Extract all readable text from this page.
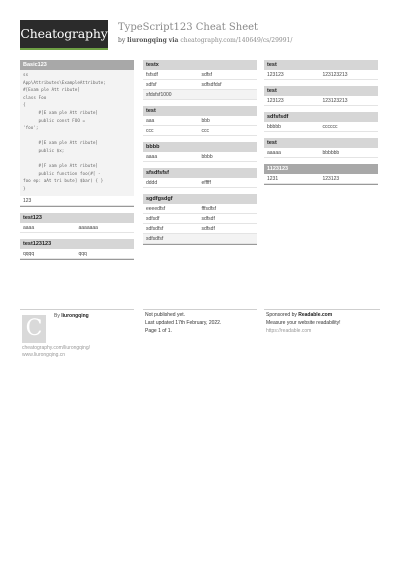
Cheatography TypeScript123 Cheat Sheet
by liurongqing via cheatography.com/140649/cs/29991/
Basic123
ss
App\Attributes\ExampleAttribute;
#[Exam ple Att ribute]
class Foo
{
#[E xam ple Att ribute]
public const FOO =
'foo';

#[E xam ple Att ribute]
public $x;

#[F xam ple Att ribute]
public function foo(#[ -
foo ep: aAt tri bute] $bar) { }
}
123
test123
aaaa	aaaaaaa
test123123
qqqq	qqq
testx
fsfsdf	sdfsf
sdfsf	sdfsdfdsf
sfdsfsf1000
test
aaa	bbb
ccc	ccc
bbbb
aaaa	bbbb
sfsdfsfsf
dddd	efffff
sgdfgsdgf
eeeedfsf	fffsdfsf
sdfsdf	sdfsdf
sdfsdfsf	sdfsdf
sdfsdfsf
test
123123	123123213
test
123123	123123213
sdfsfsdf
bbbbb	cccccc
test
aaaaa	bbbbbb
1123123
1231	123123
C	By liurongqing
cheatography.com/liurongqing/
www.liurongqing.cn
Not published yet.
Last updated 17th February, 2022.
Page 1 of 1.
Sponsored by Readable.com
Measure your website readability!
https://readable.com
